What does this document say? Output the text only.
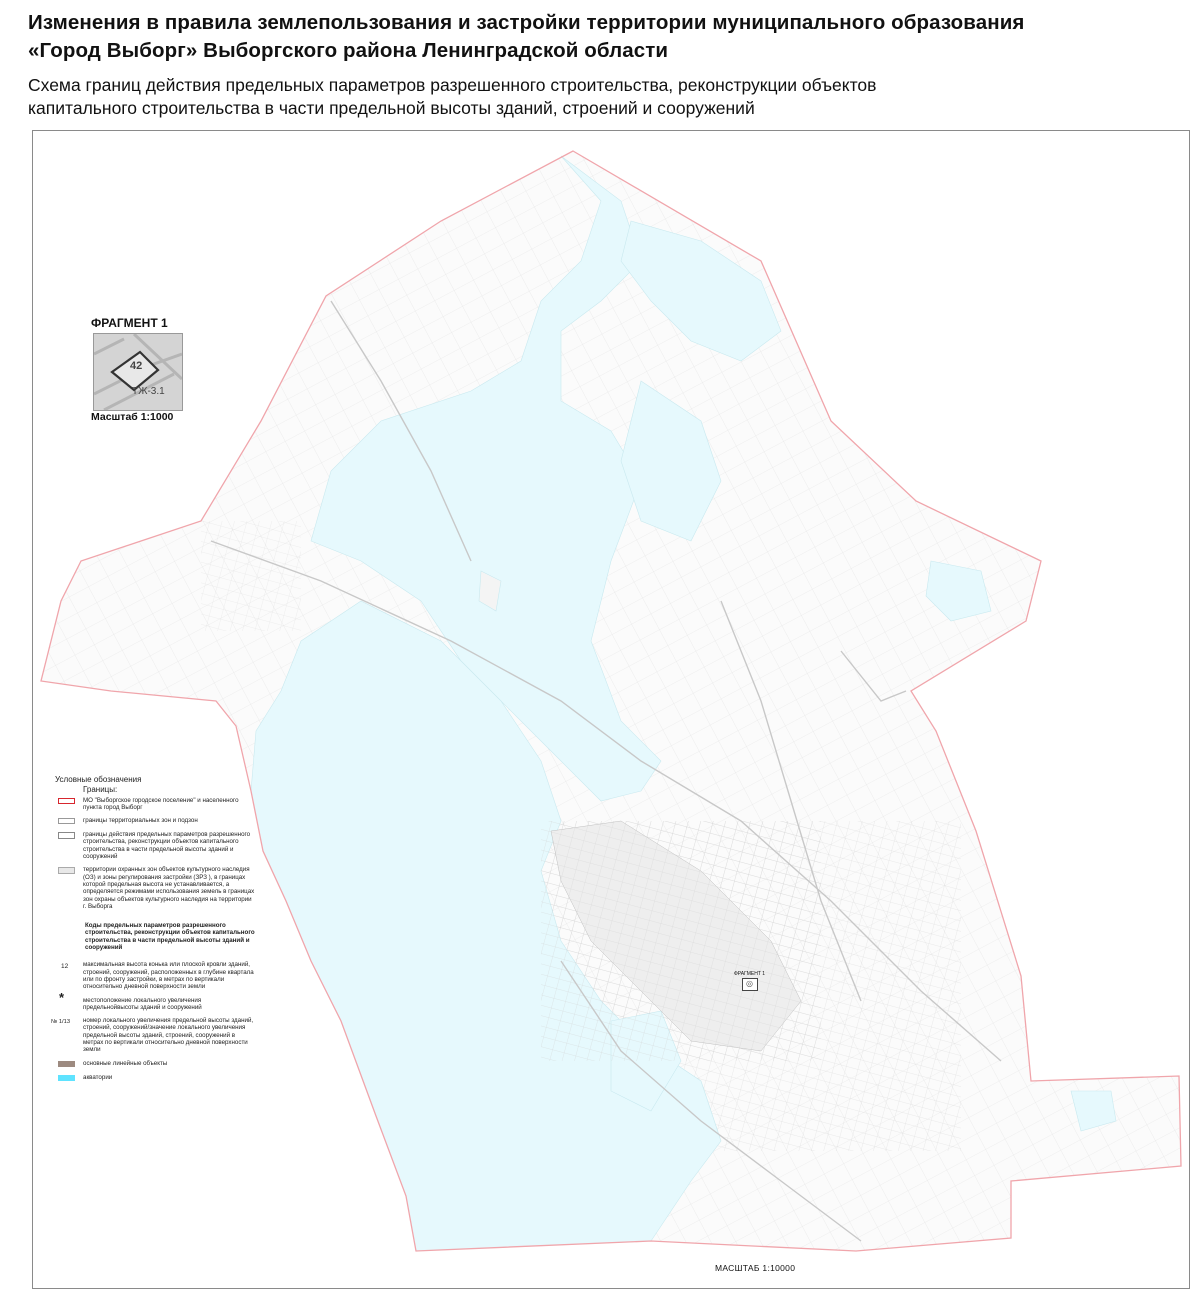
Изменения в правила землепользования и застройки территории муниципального образования
«Город Выборг» Выборгского района Ленинградской области
Схема границ действия предельных параметров разрешенного строительства, реконструкции объектов
капитального строительства в части предельной высоты зданий, строений и сооружений
ФРАГМЕНТ 1
42
ТЖ-3.1
Масштаб 1:1000
ФРАГМЕНТ 1
◎
Условные обозначения
Границы:
МО "Выборгское городское поселение" и населенного пункта город Выборг
границы территориальных зон и подзон
границы действия предельных параметров разрешенного строительства, реконструкции объектов капитального строительства в части предельной высоты зданий и сооружений
территории охранных зон объектов культурного наследия (ОЗ) и зоны регулирования застройки (ЗРЗ ), в границах которой предельная высота не устанавливается, а определяется режимами использования земель в границах зон охраны объектов культурного наследия на территории г. Выборга
Коды предельных параметров разрешенного строительства, реконструкции объектов капитального строительства в части предельной высоты зданий и сооружений
12 максимальная высота конька или плоской кровли зданий, строений, сооружений, расположенных в глубине квартала или по фронту застройки, в метрах по вертикали относительно дневной поверхности земли
*	местоположение локального увеличения предельнойвысоты зданий и сооружений
№ 1/13 номер локального увеличения предельной высоты зданий, строений, сооружений/значение локального увеличения предельной высоты зданий, строений, сооружений в метрах по вертикали относительно дневной поверхности земли
основные линейные объекты
акватории
МАСШТАБ 1:10000
